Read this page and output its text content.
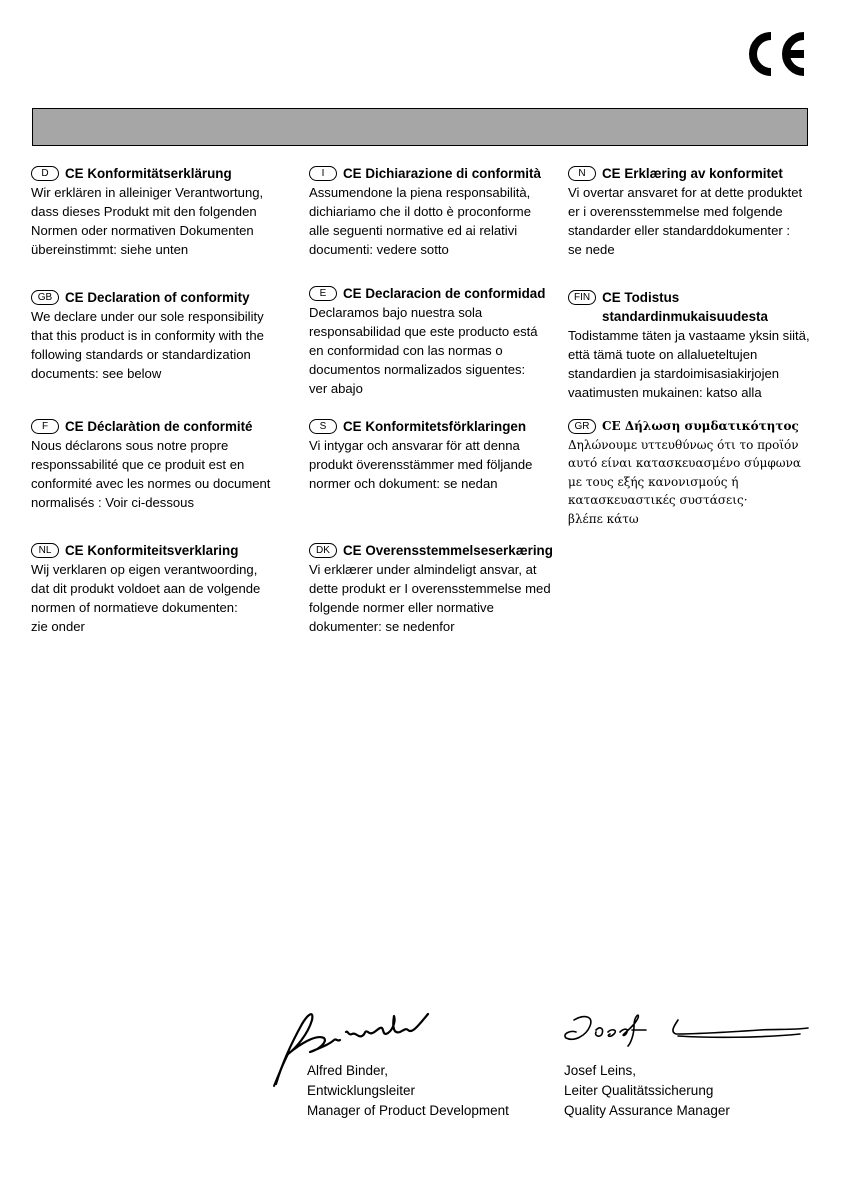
D	CE Konformitätserklärung
Wir erklären in alleiniger Verantwortung,
dass dieses Produkt mit den folgenden
Normen oder normativen Dokumenten
übereinstimmt: siehe unten
I	CE Dichiarazione di conformità
Assumendone la piena responsabilità,
dichiariamo che il dotto è proconforme
alle seguenti normative ed ai relativi
documenti: vedere sotto
N	CE Erklæring av konformitet
Vi overtar ansvaret for at dette produktet
er i overensstemmelse med folgende
standarder eller standarddokumenter :
se nede
GB CE Declaration of conformity
We declare under our sole responsibility
that this product is in conformity with the
following standards or standardization
documents: see below
E	CE Declaracion de conformidad
Declaramos bajo nuestra sola
responsabilidad que este producto está
en conformidad con las normas o
documentos normalizados siguentes:
ver abajo
FIN CE Todistus
standardinmukaisuudesta
Todistamme täten ja vastaame yksin siitä,
että tämä tuote on allalueteltujen
standardien ja stardoimisasiakirjojen
vaatimusten mukainen: katso alla
F	CE Déclaràtion de conformité
Nous déclarons sous notre propre
responssabilité que ce produit est en
conformité avec les normes ou document
normalisés : Voir ci-dessous
S	CE Konformitetsförklaringen
Vi intygar och ansvarar för att denna
produkt överensstämmer med följande
normer och dokument: se nedan
GR	CE Δήλωση συμδατικότητος
Δηλώνουμε υττευθύνως ότι το προϊόν
αυτό είναι κατασκευασμένο σύμφωνα
με τους εξής κανονισμούς ή
κατασκευαστικές συστάσεις·
βλέπε κάτω
NL	CE Konformiteitsverklaring
Wij verklaren op eigen verantwoording,
dat dit produkt voldoet aan de volgende
normen of normatieve dokumenten:
zie onder
DK CE Overensstemmelseserkæring
Vi erklærer under almindeligt ansvar, at
dette produkt er I overensstemmelse med
folgende normer eller normative
dokumenter: se nedenfor
Alfred Binder,
Entwicklungsleiter
Manager of Product Development
Josef Leins,
Leiter Qualitätssicherung
Quality Assurance Manager
